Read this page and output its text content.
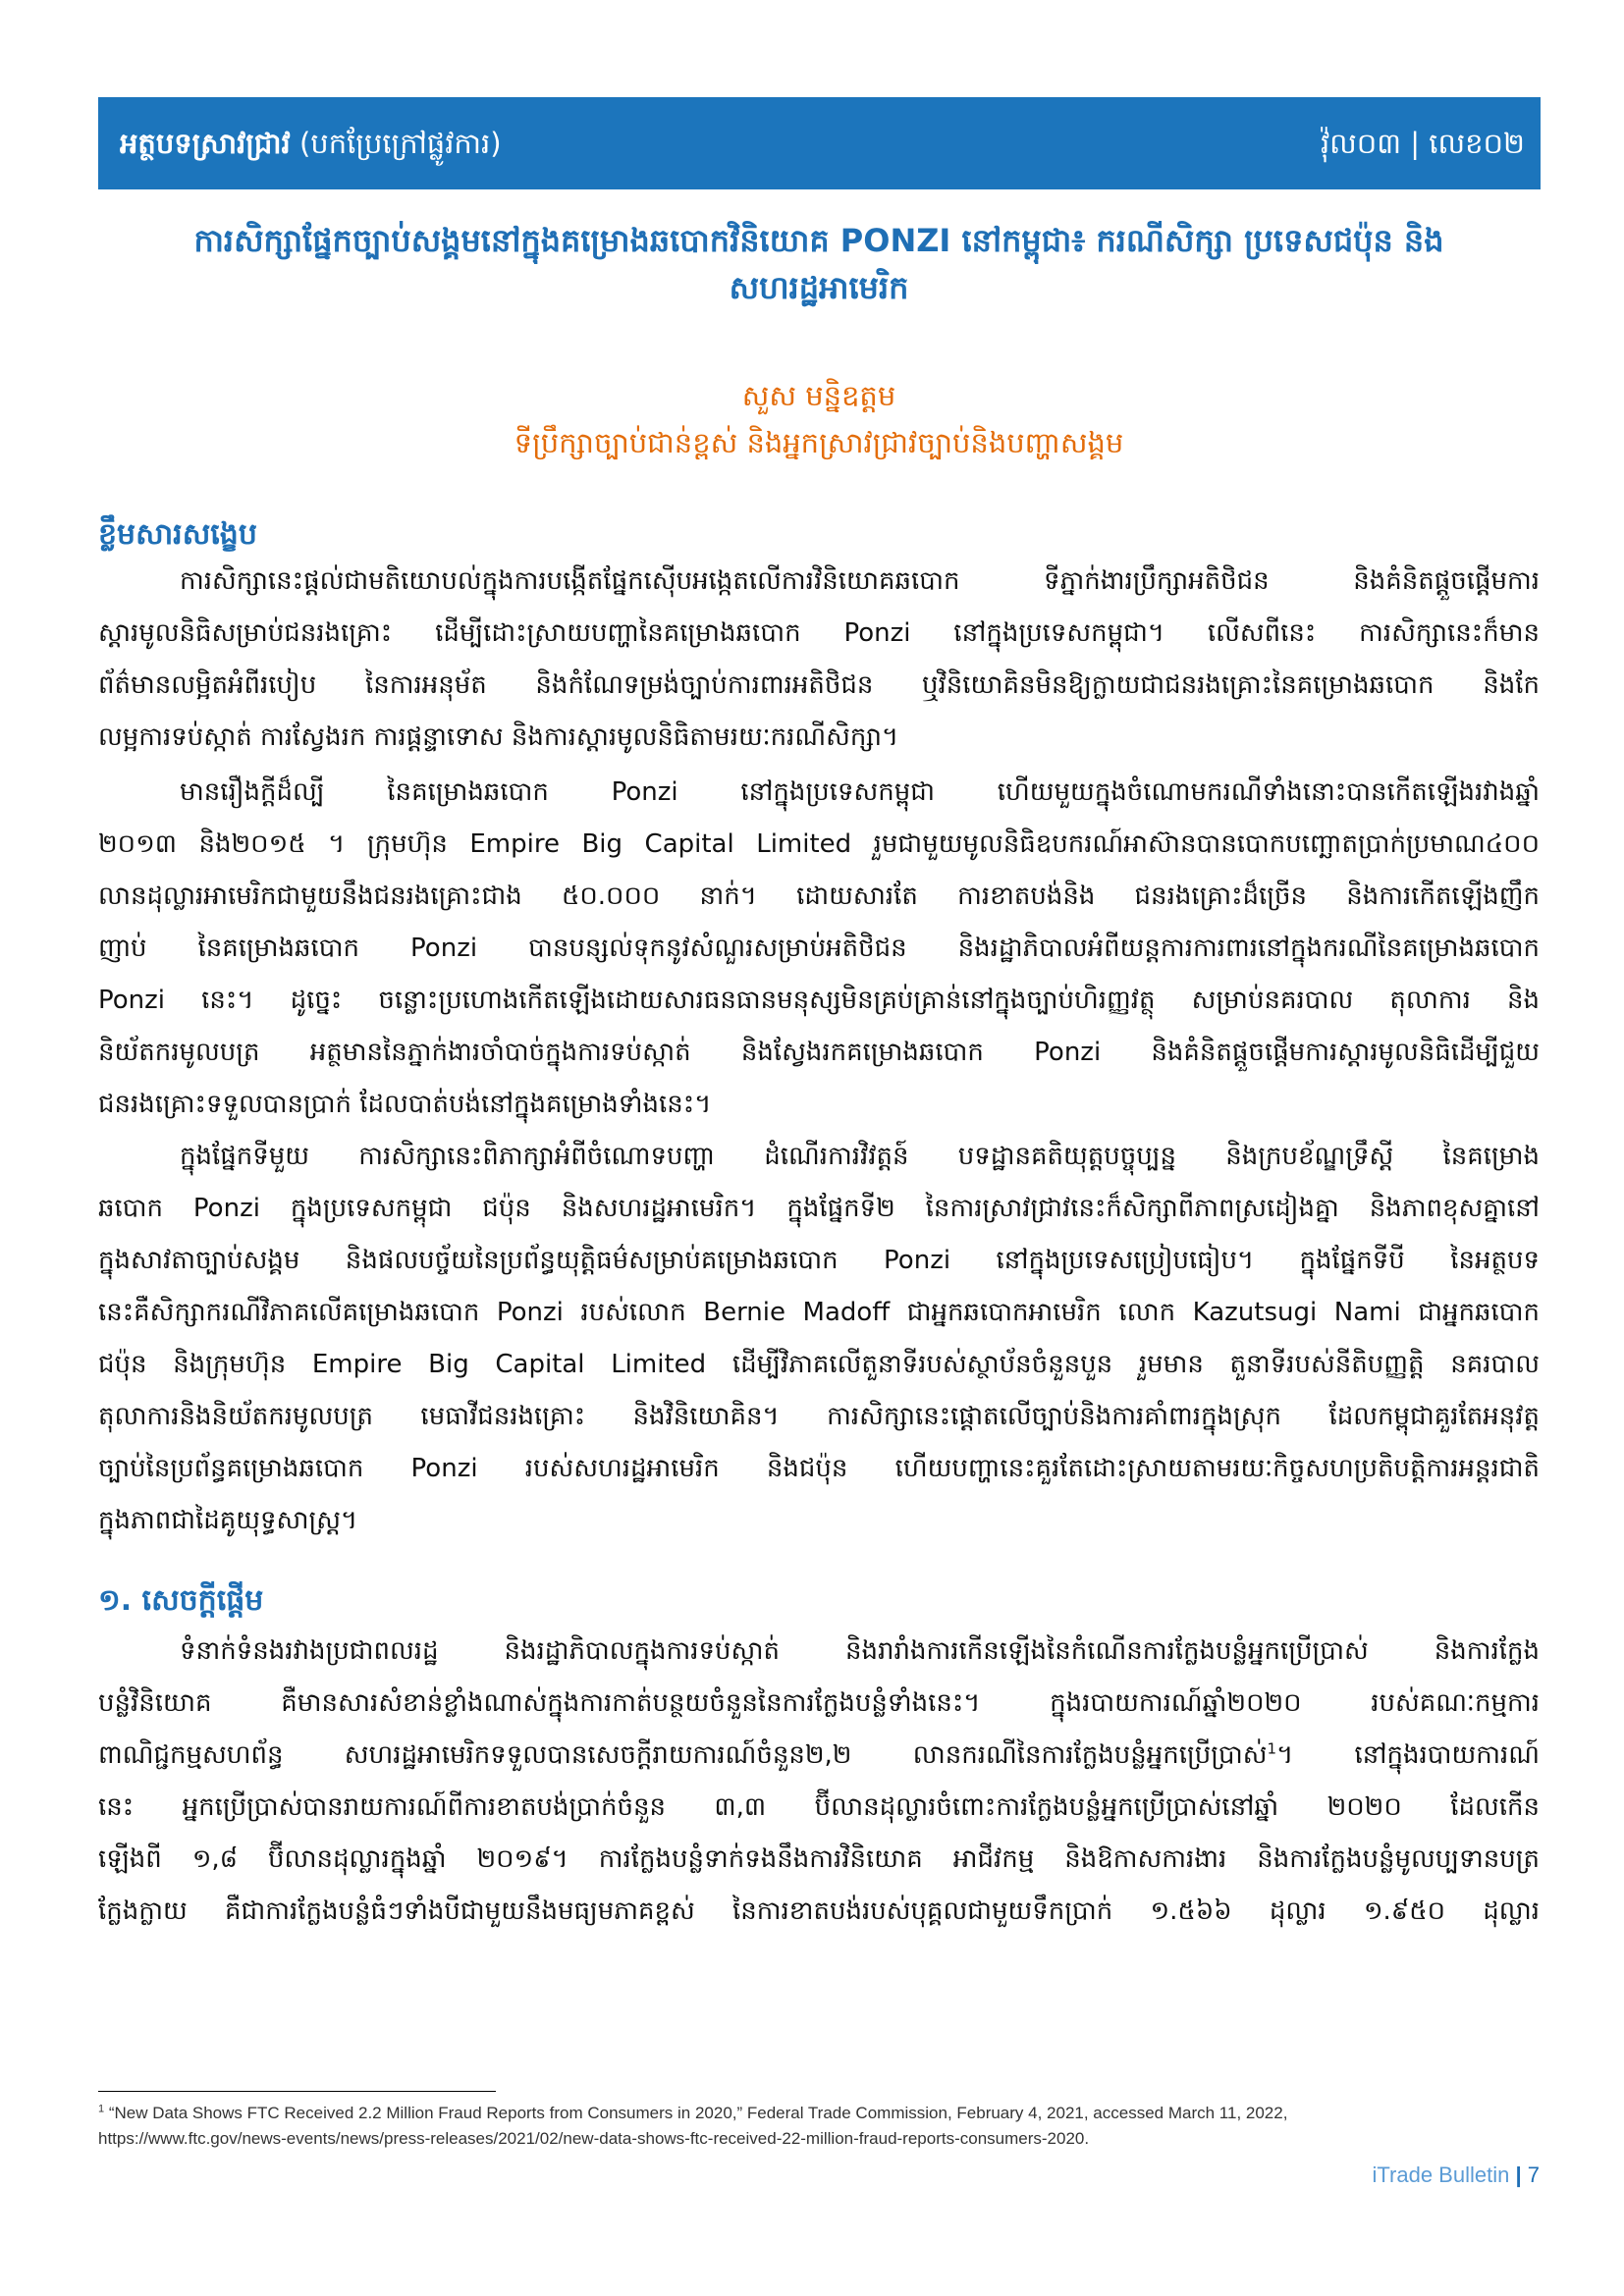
អត្ថបទស្រាវជ្រាវ (បកប្រែក្រៅផ្លូវការ)	វ៉ុល០៣ | លេខ០២
ការសិក្សាផ្នែកច្បាប់សង្គមនៅក្នុងគម្រោងឆបោកវិនិយោគ PONZI នៅកម្ពុជា៖ ករណីសិក្សា ប្រទេសជប៉ុន និង
សហរដ្ឋអាមេរិក
សួស មន្និឧត្តម
ទីប្រឹក្សាច្បាប់ជាន់ខ្ពស់ និងអ្នកស្រាវជ្រាវច្បាប់និងបញ្ហាសង្គម
ខ្លឹមសារសង្ខេប
ការសិក្សានេះផ្តល់ជាមតិយោបល់ក្នុងការបង្កើតផ្នែកស៊ើបអង្កេតលើការវិនិយោគឆបោក ទីភ្នាក់ងារប្រឹក្សាអតិថិជន និងគំនិតផ្តួចផ្តើមការ
ស្តារមូលនិធិសម្រាប់ជនរងគ្រោះ ដើម្បីដោះស្រាយបញ្ហានៃគម្រោងឆបោក Ponzi នៅក្នុងប្រទេសកម្ពុជា។ លើសពីនេះ ការសិក្សានេះក៏មាន
ព័ត៌មានលម្អិតអំពីរបៀប នៃការអនុម័ត និងកំណែទម្រង់ច្បាប់ការពារអតិថិជន ឬវិនិយោគិនមិនឱ្យក្លាយជាជនរងគ្រោះនៃគម្រោងឆបោក និងកែ
លម្អការទប់ស្កាត់ ការស្វែងរក ការផ្តន្ទាទោស និងការស្តារមូលនិធិតាមរយៈករណីសិក្សា។
មានរឿងក្តីដ៏ល្បី នៃគម្រោងឆបោក Ponzi នៅក្នុងប្រទេសកម្ពុជា ហើយមួយក្នុងចំណោមករណីទាំងនោះបានកើតឡើងរវាងឆ្នាំ
២០១៣ និង២០១៥ ។ ក្រុមហ៊ុន Empire Big Capital Limited រួមជាមួយមូលនិធិឧបករណ៍អាស៊ានបានបោកបញ្ឆោតប្រាក់ប្រមាណ៤០០
លានដុល្លារអាមេរិកជាមួយនឹងជនរងគ្រោះជាង ៥០.០០០ នាក់។ ដោយសារតែ ការខាតបង់និង ជនរងគ្រោះដ៏ច្រើន និងការកើតឡើងញឹក
ញាប់ នៃគម្រោងឆបោក Ponzi បានបន្សល់ទុកនូវសំណួរសម្រាប់អតិថិជន និងរដ្ឋាភិបាលអំពីយន្តការការពារនៅក្នុងករណីនៃគម្រោងឆបោក
Ponzi នេះ។ ដូច្នេះ ចន្លោះប្រហោងកើតឡើងដោយសារធនធានមនុស្សមិនគ្រប់គ្រាន់នៅក្នុងច្បាប់ហិរញ្ញវត្ថុ សម្រាប់នគរបាល តុលាការ និង
និយ័តករមូលបត្រ អត្ថមាននៃភ្នាក់ងារចាំបាច់ក្នុងការទប់ស្កាត់ និងស្វែងរកគម្រោងឆបោក Ponzi និងគំនិតផ្តួចផ្តើមការស្តារមូលនិធិដើម្បីជួយ
ជនរងគ្រោះទទួលបានប្រាក់ ដែលបាត់បង់នៅក្នុងគម្រោងទាំងនេះ។
ក្នុងផ្នែកទីមួយ ការសិក្សានេះពិភាក្សាអំពីចំណោទបញ្ហា ដំណើរការវិវត្តន៍ បទដ្ឋានគតិយុត្តបច្ចុប្បន្ន និងក្របខ័ណ្ឌទ្រឹស្តី នៃគម្រោង
ឆបោក Ponzi ក្នុងប្រទេសកម្ពុជា ជប៉ុន និងសហរដ្ឋអាមេរិក។ ក្នុងផ្នែកទី២ នៃការស្រាវជ្រាវនេះក៏សិក្សាពីភាពស្រដៀងគ្នា និងភាពខុសគ្នានៅ
ក្នុងសាវតាច្បាប់សង្គម និងផលបច្ច័យនៃប្រព័ន្ធយុត្តិធម៌សម្រាប់គម្រោងឆបោក Ponzi នៅក្នុងប្រទេសប្រៀបធៀប។ ក្នុងផ្នែកទីបី នៃអត្ថបទ
នេះគឺសិក្សាករណីវិភាគលើគម្រោងឆបោក Ponzi របស់លោក Bernie Madoff ជាអ្នកឆបោកអាមេរិក លោក Kazutsugi Nami ជាអ្នកឆបោក
ជប៉ុន និងក្រុមហ៊ុន Empire Big Capital Limited ដើម្បីវិភាគលើតួនាទីរបស់ស្ថាប័នចំនួនបួន រួមមាន តួនាទីរបស់នីតិបញ្ញត្តិ នគរបាល
តុលាការនិងនិយ័តករមូលបត្រ មេធាវីជនរងគ្រោះ និងវិនិយោគិន។ ការសិក្សានេះផ្តោតលើច្បាប់និងការគាំពារក្នុងស្រុក ដែលកម្ពុជាគួរតែអនុវត្ត
ច្បាប់នៃប្រព័ន្ធគម្រោងឆបោក Ponzi របស់សហរដ្ឋអាមេរិក និងជប៉ុន ហើយបញ្ហានេះគួរតែដោះស្រាយតាមរយៈកិច្ចសហប្រតិបត្តិការអន្តរជាតិ
ក្នុងភាពជាដៃគូយុទ្ធសាស្ត្រ។
១. សេចក្តីផ្តើម
ទំនាក់ទំនងរវាងប្រជាពលរដ្ឋ និងរដ្ឋាភិបាលក្នុងការទប់ស្កាត់ និងរារាំងការកើនឡើងនៃកំណើនការក្លែងបន្លំអ្នកប្រើប្រាស់ និងការក្លែង
បន្លំវិនិយោគ គឺមានសារសំខាន់ខ្លាំងណាស់ក្នុងការកាត់បន្ថយចំនួននៃការក្លែងបន្លំទាំងនេះ។ ក្នុងរបាយការណ៍ឆ្នាំ២០២០ របស់គណៈកម្មការ
ពាណិជ្ជកម្មសហព័ន្ធ សហរដ្ឋអាមេរិកទទួលបានសេចក្តីរាយការណ៍ចំនួន២,២ លានករណីនៃការក្លែងបន្លំអ្នកប្រើប្រាស់$^1$។ នៅក្នុងរបាយការណ៍
នេះ អ្នកប្រើប្រាស់បានរាយការណ៍ពីការខាតបង់ប្រាក់ចំនួន ៣,៣ ប៊ីលានដុល្លារចំពោះការក្លែងបន្លំអ្នកប្រើប្រាស់នៅឆ្នាំ ២០២០ ដែលកើន
ឡើងពី ១,៨ ប៊ីលានដុល្លារក្នុងឆ្នាំ ២០១៩។ ការក្លែងបន្លំទាក់ទងនឹងការវិនិយោគ អាជីវកម្ម និងឱកាសការងារ និងការក្លែងបន្លំមូលប្បទានបត្រ
ក្លែងក្លាយ គឺជាការក្លែងបន្លំធំៗទាំងបីជាមួយនឹងមធ្យមភាគខ្ពស់ នៃការខាតបង់របស់បុគ្គលជាមួយទឹកប្រាក់ ១.៥៦៦ ដុល្លារ ១.៩៥០ ដុល្លារ
$^1$ “New Data Shows FTC Received 2.2 Million Fraud Reports from Consumers in 2020,” Federal Trade Commission, February 4, 2021, accessed March 11, 2022,
https://www.ftc.gov/news-events/news/press-releases/2021/02/new-data-shows-ftc-received-22-million-fraud-reports-consumers-2020.
iTrade Bulletin | 7
